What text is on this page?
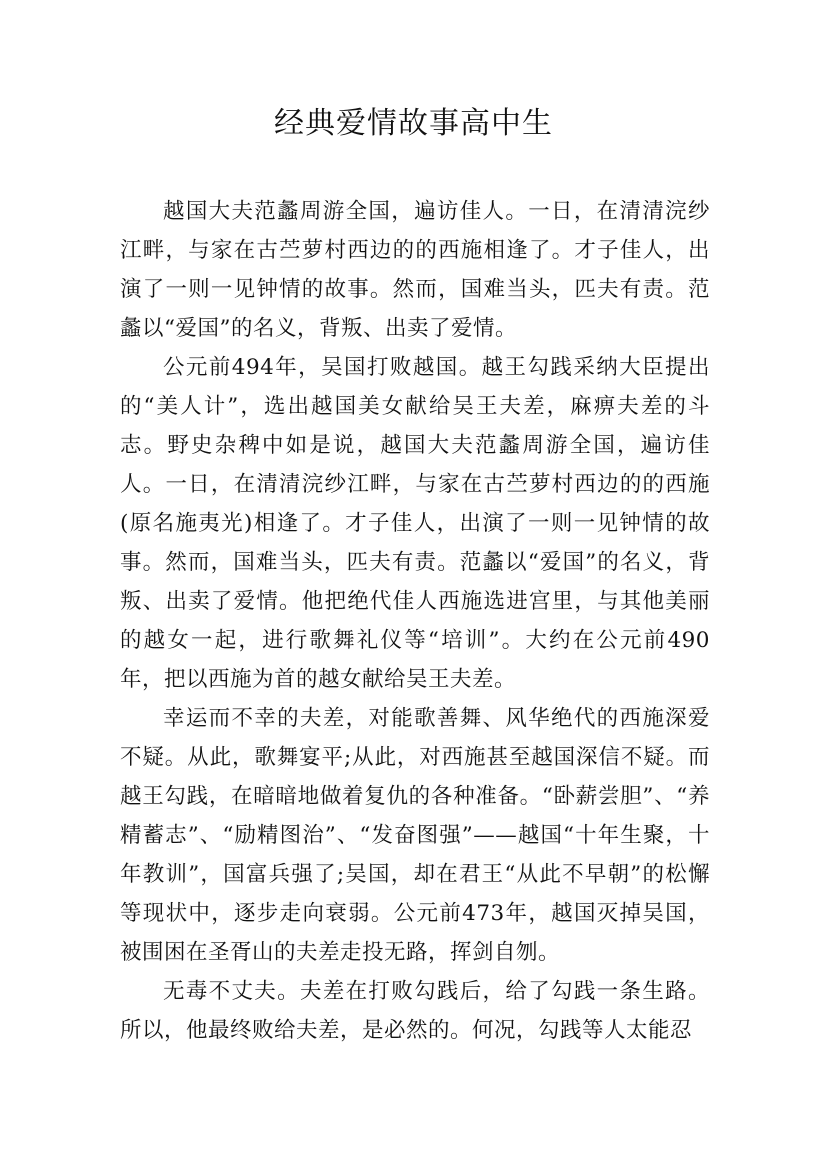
经典爱情故事高中生

越国大夫范蠡周游全国，遍访佳人。一日，在清清浣纱江畔，与家在古苎萝村西边的的西施相逢了。才子佳人，出演了一则一见钟情的故事。然而，国难当头，匹夫有责。范蠡以“爱国”的名义，背叛、出卖了爱情。

公元前494年，吴国打败越国。越王勾践采纳大臣提出的“美人计”，选出越国美女献给吴王夫差，麻痹夫差的斗志。野史杂稗中如是说，越国大夫范蠡周游全国，遍访佳人。一日，在清清浣纱江畔，与家在古苎萝村西边的的西施(原名施夷光)相逢了。才子佳人，出演了一则一见钟情的故事。然而，国难当头，匹夫有责。范蠡以“爱国”的名义，背叛、出卖了爱情。他把绝代佳人西施选进宫里，与其他美丽的越女一起，进行歌舞礼仪等“培训”。大约在公元前490年，把以西施为首的越女献给吴王夫差。

幸运而不幸的夫差，对能歌善舞、风华绝代的西施深爱不疑。从此，歌舞宴平;从此，对西施甚至越国深信不疑。而越王勾践，在暗暗地做着复仇的各种准备。“卧薪尝胆”、“养精蓄志”、“励精图治”、“发奋图强”——越国“十年生聚，十年教训”，国富兵强了;吴国，却在君王“从此不早朝”的松懈等现状中，逐步走向衰弱。公元前473年，越国灭掉吴国，被围困在圣胥山的夫差走投无路，挥剑自刎。

无毒不丈夫。夫差在打败勾践后，给了勾践一条生路。所以，他最终败给夫差，是必然的。何况，勾践等人太能忍
